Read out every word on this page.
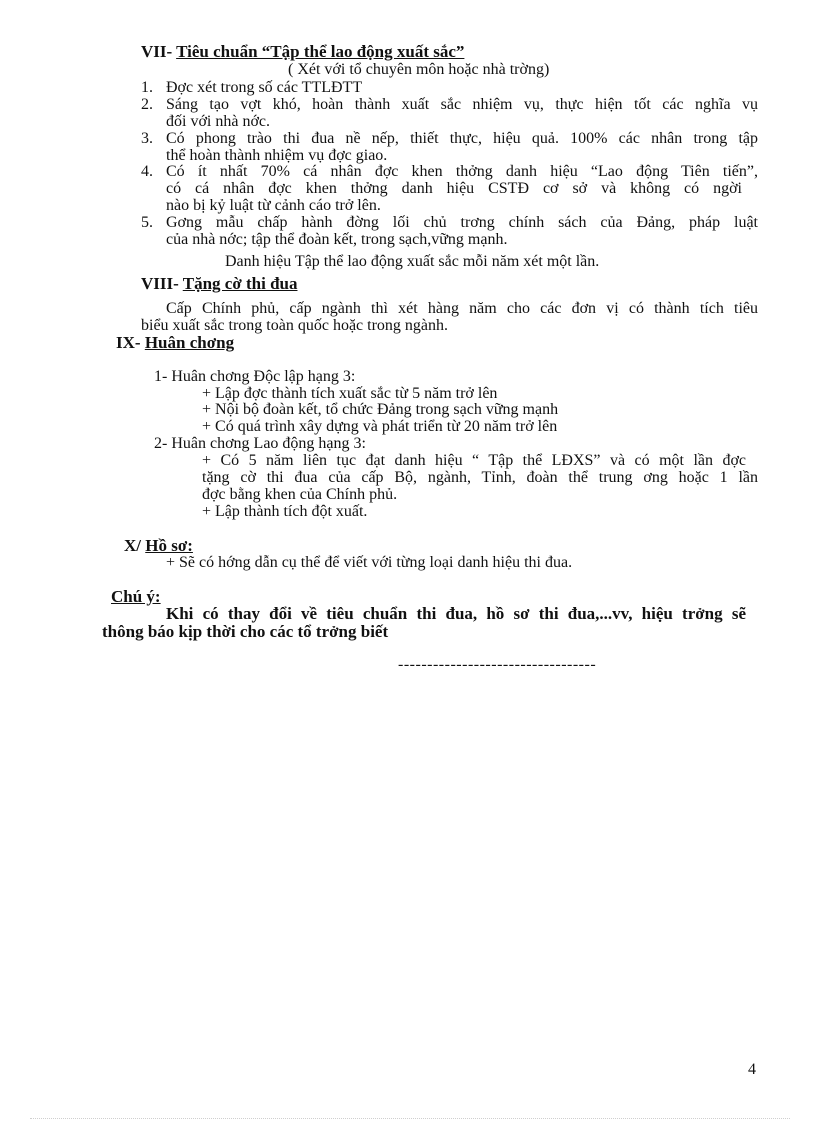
VII- Tiêu chuẩn “Tập thể lao động xuất sắc”
( Xét với tổ chuyên môn hoặc nhà trờng)
1. Đợc xét trong số các TTLĐTT
2. Sáng tạo vợt khó, hoàn thành xuất sắc nhiệm vụ, thực hiện tốt các nghĩa vụ
đối với nhà nớc.
3. Có phong trào thi đua nề nếp, thiết thực, hiệu quả. 100% các nhân trong tập
thể hoàn thành nhiệm vụ đợc giao.
4. Có ít nhất 70% cá nhân đợc khen thởng danh hiệu “Lao động Tiên tiến”,
có cá nhân đợc khen thởng danh hiệu CSTĐ cơ sở và không có ngời
nào bị kỷ luật từ cảnh cáo trở lên.
5. Gơng mẫu chấp hành đờng lối chủ trơng chính sách của Đảng, pháp luật
của nhà nớc; tập thể đoàn kết, trong sạch,vững mạnh.
Danh hiệu Tập thể lao động xuất sắc mỗi năm xét một lần.
VIII- Tặng cờ thi đua
Cấp Chính phủ, cấp ngành thì xét hàng năm cho các đơn vị có thành tích tiêu
biểu xuất sắc trong toàn quốc hoặc trong ngành.
IX- Huân chơng
1- Huân chơng Độc lập hạng 3:
+ Lập đợc thành tích xuất sắc từ 5 năm trở lên
+ Nội bộ đoàn kết, tổ chức Đảng trong sạch vững mạnh
+ Có quá trình xây dựng và phát triển từ 20 năm trở lên
2- Huân chơng Lao động hạng 3:
+ Có 5 năm liên tục đạt danh hiệu “ Tập thể LĐXS” và có một lần đợc
tặng cờ thi đua của cấp Bộ, ngành, Tỉnh, đoàn thể trung ơng hoặc 1 lần
đợc bằng khen của Chính phủ.
+ Lập thành tích đột xuất.
X/ Hồ sơ:
+ Sẽ có hớng dẫn cụ thể để viết với từng loại danh hiệu thi đua.
Chú ý:
Khi có thay đổi về tiêu chuẩn thi đua, hồ sơ thi đua,...vv, hiệu trởng sẽ
thông báo kịp thời cho các tổ trởng biết
----------------------------------
4
